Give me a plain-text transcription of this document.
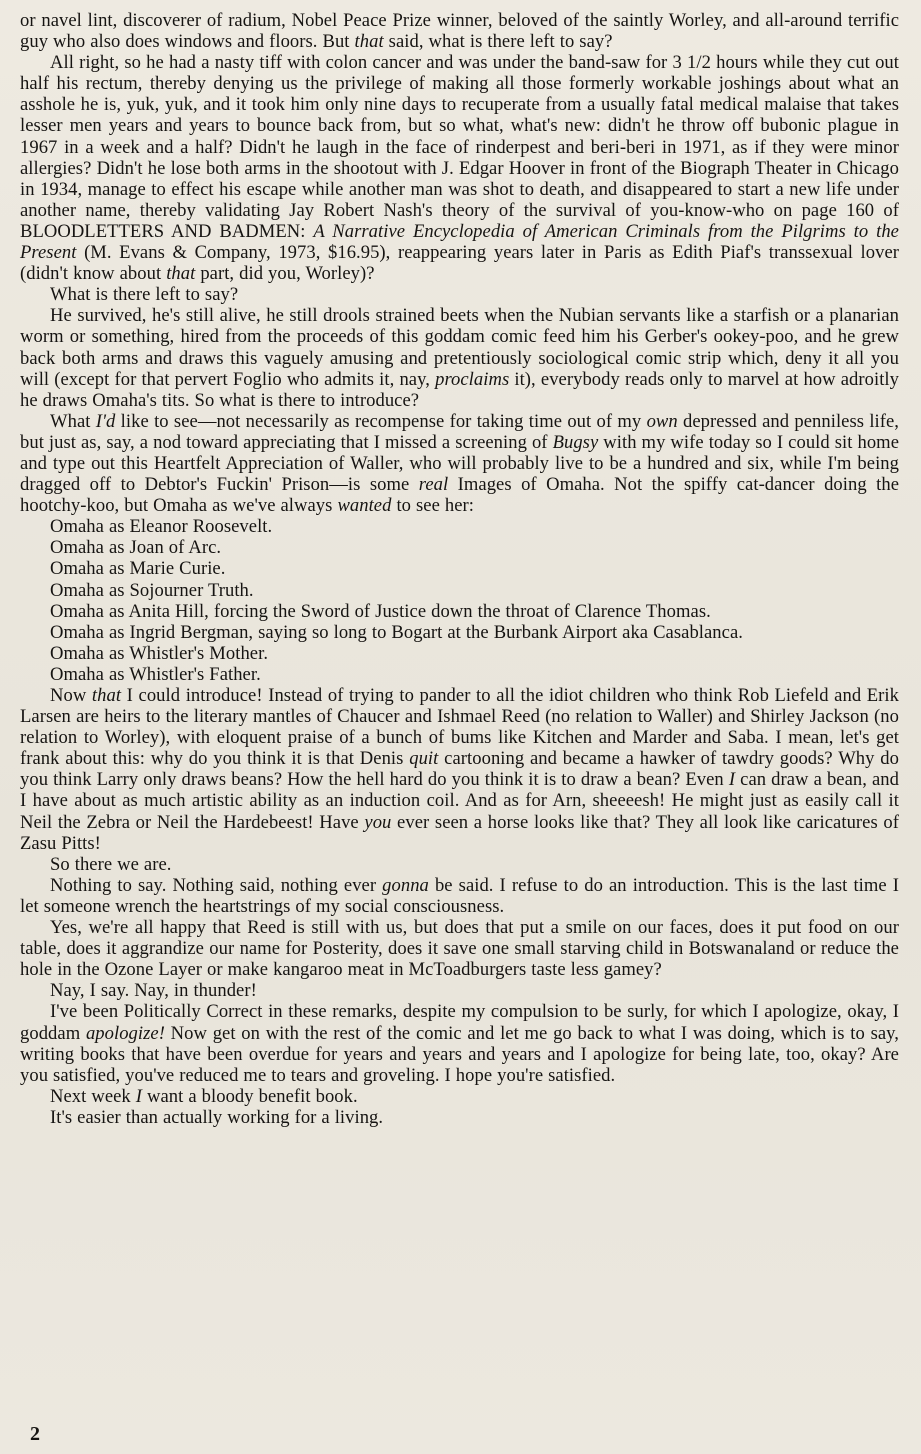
or navel lint, discoverer of radium, Nobel Peace Prize winner, beloved of the saintly Worley, and all-around terrific guy who also does windows and floors. But that said, what is there left to say?

All right, so he had a nasty tiff with colon cancer and was under the band-saw for 3 1/2 hours while they cut out half his rectum, thereby denying us the privilege of making all those formerly workable joshings about what an asshole he is, yuk, yuk, and it took him only nine days to recuperate from a usually fatal medical malaise that takes lesser men years and years to bounce back from, but so what, what's new: didn't he throw off bubonic plague in 1967 in a week and a half? Didn't he laugh in the face of rinderpest and beri-beri in 1971, as if they were minor allergies? Didn't he lose both arms in the shootout with J. Edgar Hoover in front of the Biograph Theater in Chicago in 1934, manage to effect his escape while another man was shot to death, and disappeared to start a new life under another name, thereby validating Jay Robert Nash's theory of the survival of you-know-who on page 160 of BLOODLETTERS AND BADMEN: A Narrative Encyclopedia of American Criminals from the Pilgrims to the Present (M. Evans & Company, 1973, $16.95), reappearing years later in Paris as Edith Piaf's transsexual lover (didn't know about that part, did you, Worley)?

What is there left to say?

He survived, he's still alive, he still drools strained beets when the Nubian servants like a starfish or a planarian worm or something, hired from the proceeds of this goddam comic feed him his Gerber's ookey-poo, and he grew back both arms and draws this vaguely amusing and pretentiously sociological comic strip which, deny it all you will (except for that pervert Foglio who admits it, nay, proclaims it), everybody reads only to marvel at how adroitly he draws Omaha's tits. So what is there to introduce?

What I'd like to see—not necessarily as recompense for taking time out of my own depressed and penniless life, but just as, say, a nod toward appreciating that I missed a screening of Bugsy with my wife today so I could sit home and type out this Heartfelt Appreciation of Waller, who will probably live to be a hundred and six, while I'm being dragged off to Debtor's Fuckin' Prison—is some real Images of Omaha. Not the spiffy cat-dancer doing the hootchy-koo, but Omaha as we've always wanted to see her:

Omaha as Eleanor Roosevelt.

Omaha as Joan of Arc.

Omaha as Marie Curie.

Omaha as Sojourner Truth.

Omaha as Anita Hill, forcing the Sword of Justice down the throat of Clarence Thomas.

Omaha as Ingrid Bergman, saying so long to Bogart at the Burbank Airport aka Casablanca.

Omaha as Whistler's Mother.

Omaha as Whistler's Father.

Now that I could introduce! Instead of trying to pander to all the idiot children who think Rob Liefeld and Erik Larsen are heirs to the literary mantles of Chaucer and Ishmael Reed (no relation to Waller) and Shirley Jackson (no relation to Worley), with eloquent praise of a bunch of bums like Kitchen and Marder and Saba. I mean, let's get frank about this: why do you think it is that Denis quit cartooning and became a hawker of tawdry goods? Why do you think Larry only draws beans? How the hell hard do you think it is to draw a bean? Even I can draw a bean, and I have about as much artistic ability as an induction coil. And as for Arn, sheeeesh! He might just as easily call it Neil the Zebra or Neil the Hardebeest! Have you ever seen a horse looks like that? They all look like caricatures of Zasu Pitts!

So there we are.

Nothing to say. Nothing said, nothing ever gonna be said. I refuse to do an introduction. This is the last time I let someone wrench the heartstrings of my social consciousness.

Yes, we're all happy that Reed is still with us, but does that put a smile on our faces, does it put food on our table, does it aggrandize our name for Posterity, does it save one small starving child in Botswanaland or reduce the hole in the Ozone Layer or make kangaroo meat in McToadburgers taste less gamey?

Nay, I say. Nay, in thunder!

I've been Politically Correct in these remarks, despite my compulsion to be surly, for which I apologize, okay, I goddam apologize! Now get on with the rest of the comic and let me go back to what I was doing, which is to say, writing books that have been overdue for years and years and years and I apologize for being late, too, okay? Are you satisfied, you've reduced me to tears and groveling. I hope you're satisfied.

Next week I want a bloody benefit book.

It's easier than actually working for a living.

2
